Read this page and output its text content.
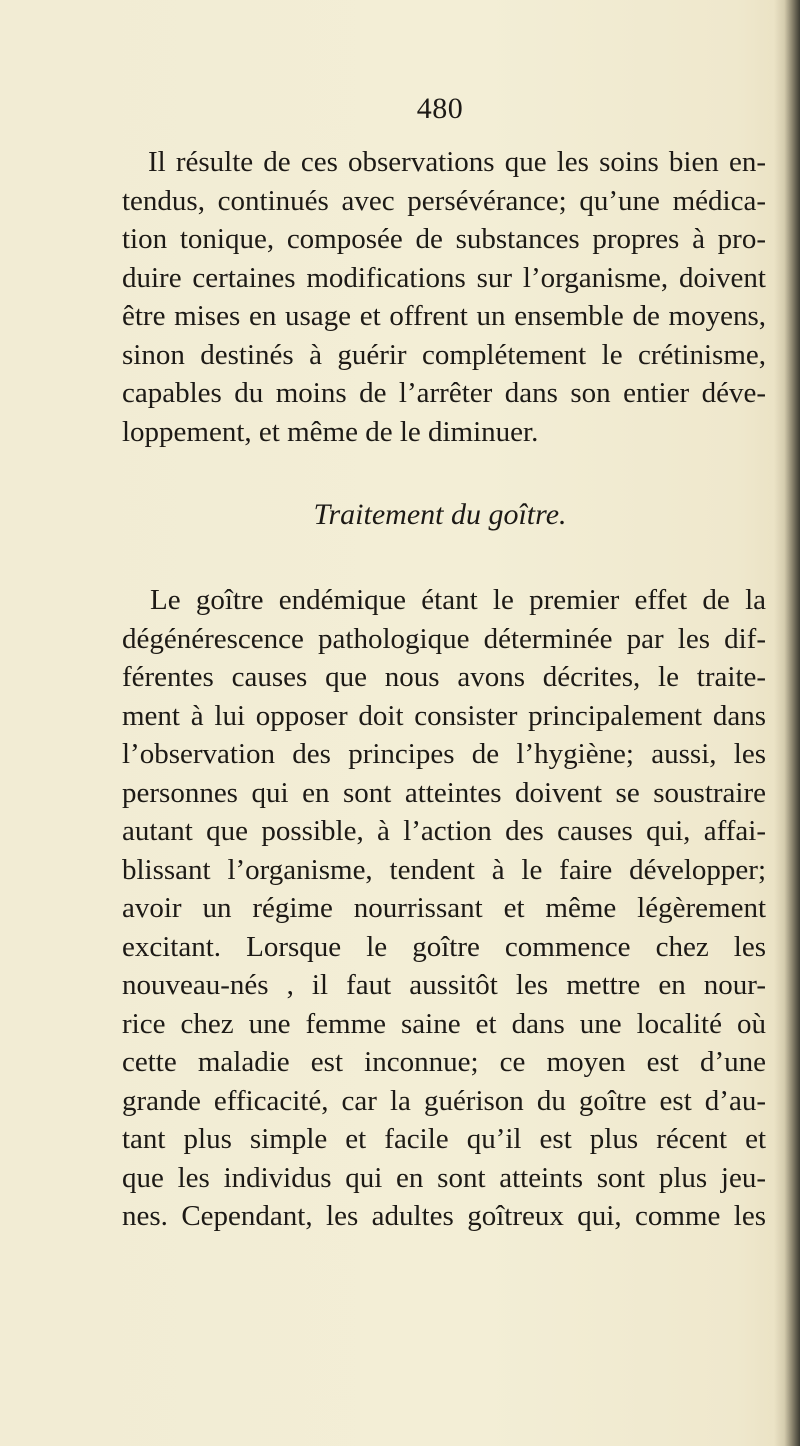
480
Il résulte de ces observations que les soins bien en-
tendus, continués avec persévérance; qu’une médica-
tion tonique, composée de substances propres à pro-
duire certaines modifications sur l’organisme, doivent
être mises en usage et offrent un ensemble de moyens,
sinon destinés à guérir complétement le crétinisme,
capables du moins de l’arrêter dans son entier déve-
loppement, et même de le diminuer.
Traitement du goître.
Le goître endémique étant le premier effet de la
dégénérescence pathologique déterminée par les dif-
férentes causes que nous avons décrites, le traite-
ment à lui opposer doit consister principalement dans
l’observation des principes de l’hygiène; aussi, les
personnes qui en sont atteintes doivent se soustraire
autant que possible, à l’action des causes qui, affai-
blissant l’organisme, tendent à le faire développer;
avoir un régime nourrissant et même légèrement
excitant. Lorsque le goître commence chez les
nouveau-nés , il faut aussitôt les mettre en nour-
rice chez une femme saine et dans une localité où
cette maladie est inconnue; ce moyen est d’une
grande efficacité, car la guérison du goître est d’au-
tant plus simple et facile qu’il est plus récent et
que les individus qui en sont atteints sont plus jeu-
nes. Cependant, les adultes goîtreux qui, comme les
